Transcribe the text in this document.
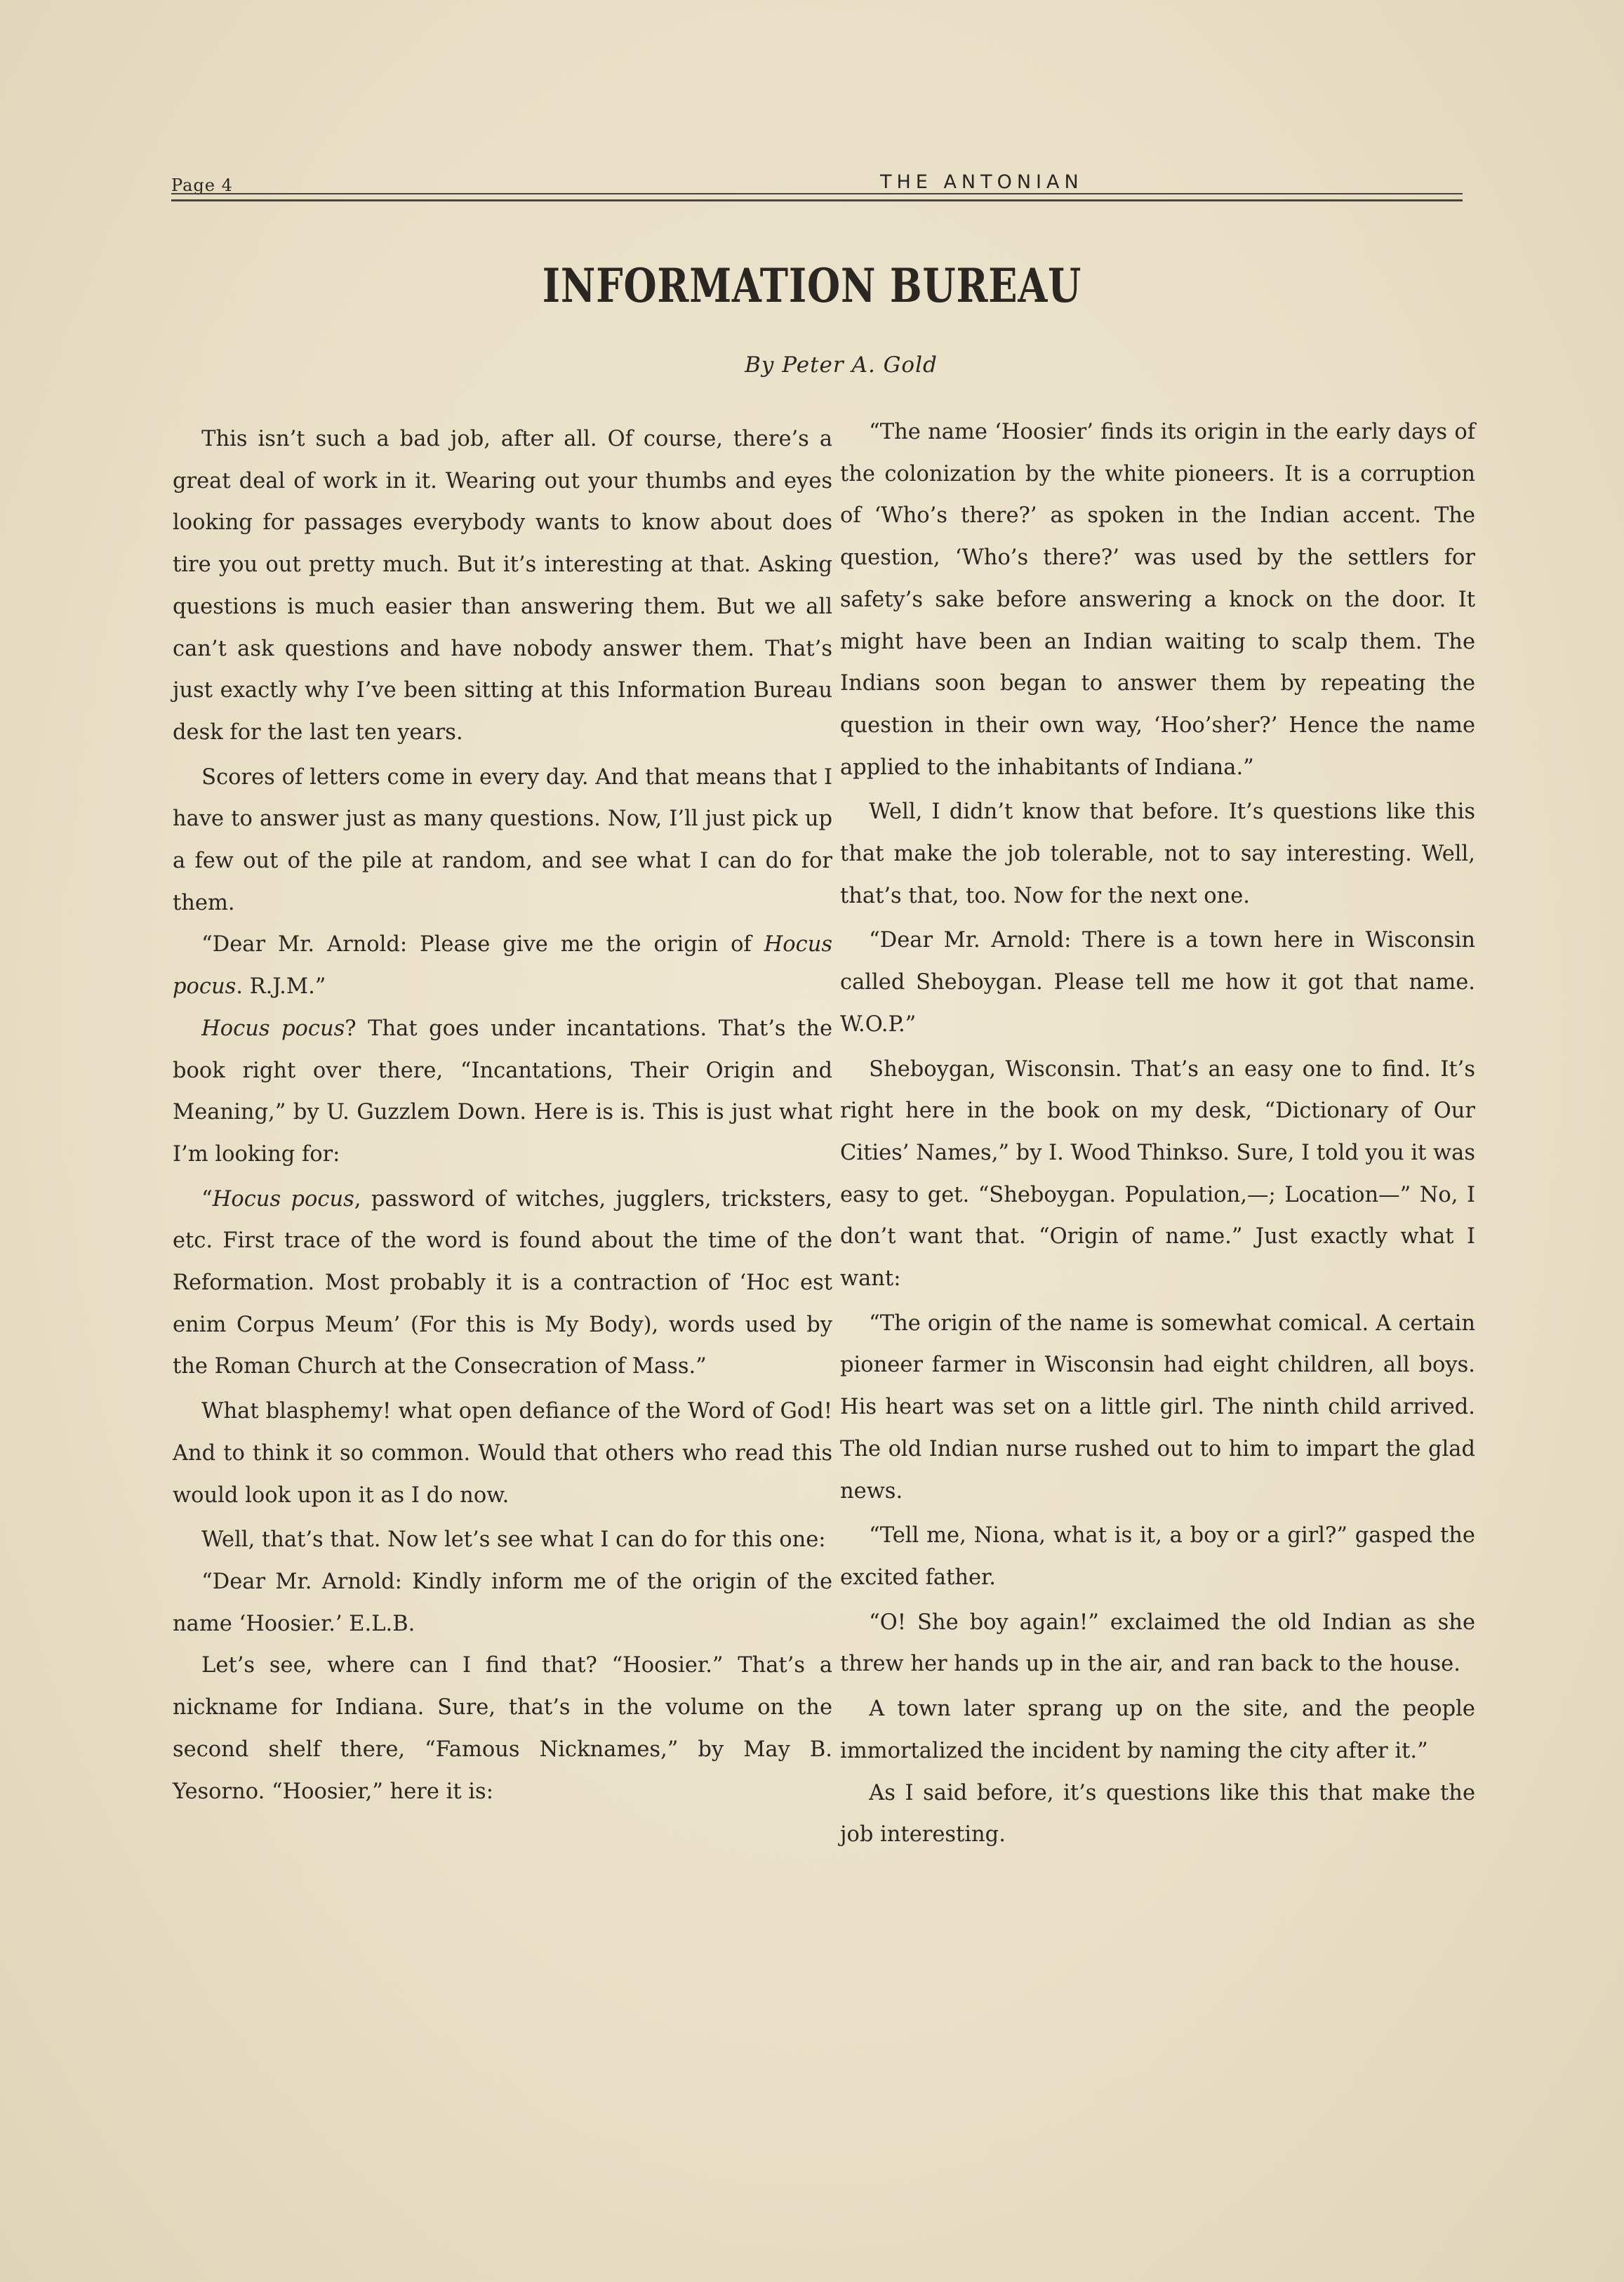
Page 4	THE ANTONIAN
INFORMATION BUREAU
By Peter A. Gold

This isn’t such a bad job, after all. Of course, there’s a great deal of work in it. Wearing out your thumbs and eyes looking for passages everybody wants to know about does tire you out pretty much. But it’s interesting at that. Asking questions is much easier than answering them. But we all can’t ask questions and have nobody answer them. That’s just exactly why I’ve been sitting at this Information Bureau desk for the last ten years.

Scores of letters come in every day. And that means that I have to answer just as many questions. Now, I’ll just pick up a few out of the pile at random, and see what I can do for them.

“Dear Mr. Arnold: Please give me the origin of Hocus pocus. R.J.M.”

Hocus pocus? That goes under incantations. That’s the book right over there, “Incantations, Their Origin and Meaning,” by U. Guzzlem Down. Here is is. This is just what I’m looking for:

“Hocus pocus, password of witches, jugglers, tricksters, etc. First trace of the word is found about the time of the Reformation. Most probably it is a contraction of ‘Hoc est enim Corpus Meum’ (For this is My Body), words used by the Roman Church at the Consecration of Mass.”

What blasphemy! what open defiance of the Word of God! And to think it so common. Would that others who read this would look upon it as I do now.

Well, that’s that. Now let’s see what I can do for this one:

“Dear Mr. Arnold: Kindly inform me of the origin of the name ‘Hoosier.’ E.L.B.

Let’s see, where can I find that? “Hoosier.” That’s a nickname for Indiana. Sure, that’s in the volume on the second shelf there, “Famous Nicknames,” by May B. Yesorno. “Hoosier,” here it is:

“The name ‘Hoosier’ finds its origin in the early days of the colonization by the white pioneers. It is a corruption of ‘Who’s there?’ as spoken in the Indian accent. The question, ‘Who’s there?’ was used by the settlers for safety’s sake before answering a knock on the door. It might have been an Indian waiting to scalp them. The Indians soon began to answer them by repeating the question in their own way, ‘Hoo’sher?’ Hence the name applied to the inhabitants of Indiana.”

Well, I didn’t know that before. It’s questions like this that make the job tolerable, not to say interesting. Well, that’s that, too. Now for the next one.

“Dear Mr. Arnold: There is a town here in Wisconsin called Sheboygan. Please tell me how it got that name. W.O.P.”

Sheboygan, Wisconsin. That’s an easy one to find. It’s right here in the book on my desk, “Dictionary of Our Cities’ Names,” by I. Wood Thinkso. Sure, I told you it was easy to get. “Sheboygan. Population,—; Location—” No, I don’t want that. “Origin of name.” Just exactly what I want:

“The origin of the name is somewhat comical. A certain pioneer farmer in Wisconsin had eight children, all boys. His heart was set on a little girl. The ninth child arrived. The old Indian nurse rushed out to him to impart the glad news.

“Tell me, Niona, what is it, a boy or a girl?” gasped the excited father.

“O! She boy again!” exclaimed the old Indian as she threw her hands up in the air, and ran back to the house.

A town later sprang up on the site, and the people immortalized the incident by naming the city after it.”

As I said before, it’s questions like this that make the job interesting.
